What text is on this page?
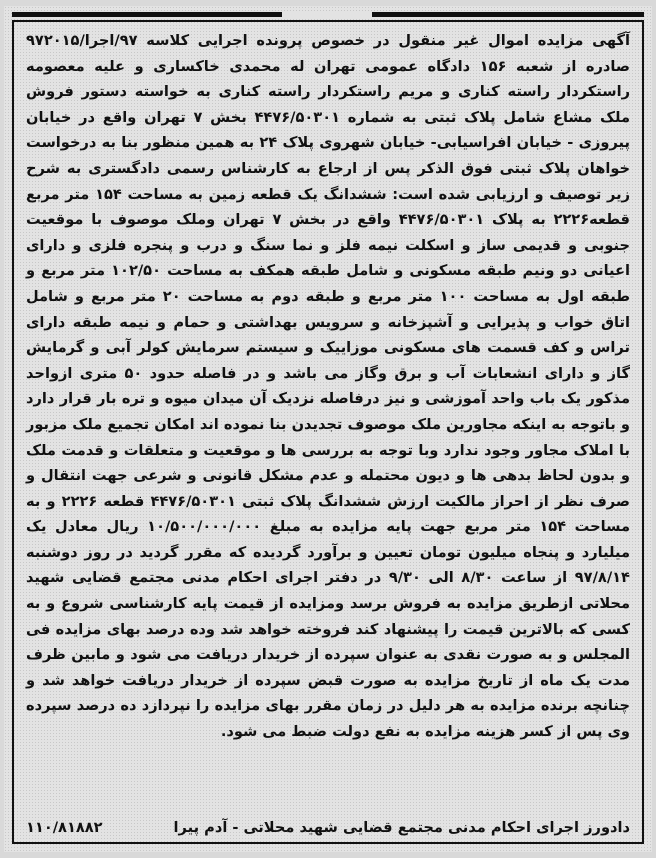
آگهی مزایده اموال غیر منقول در خصوص پرونده اجرایی کلاسه ۹۷/اجرا/۹۷۲۰۱۵ صادره از شعبه ۱۵۶ دادگاه عمومی تهران له محمدی خاکساری و علیه معصومه راستکردار راسته کناری و مریم راستکردار راسته کناری به خواسته دستور فروش ملک مشاع شامل پلاک ثبتی به شماره ۴۴۷۶/۵۰۳۰۱ بخش ۷ تهران واقع در خیابان پیروزی - خیابان افراسیابی- خیابان شهروی پلاک ۲۴ به همین منظور بنا به درخواست خواهان پلاک ثبتی فوق الذکر پس از ارجاع به کارشناس رسمی دادگستری به شرح زیر توصیف و ارزیابی شده است: ششدانگ یک قطعه زمین به مساحت ۱۵۴ متر مربع قطعه۲۲۲۶ به پلاک ۴۴۷۶/۵۰۳۰۱ واقع در بخش ۷ تهران وملک موصوف با موقعیت جنوبی و قدیمی ساز و اسکلت نیمه فلز و نما سنگ و درب و پنجره فلزی و دارای اعیانی دو ونیم طبقه مسکونی و شامل طبقه همکف به مساحت ۱۰۲/۵۰ متر مربع و طبقه اول به مساحت ۱۰۰ متر مربع و طبقه دوم به مساحت ۲۰ متر مربع و شامل اتاق خواب و پذیرایی و آشپزخانه و سرویس بهداشتی و حمام و نیمه طبقه دارای تراس و کف قسمت های مسکونی موزاییک و سیستم سرمایش کولر آبی و گرمایش گاز و دارای انشعابات آب و برق وگاز می باشد و در فاصله حدود ۵۰ متری ازواحد مذکور یک باب واحد آموزشی و نیز درفاصله نزدیک آن میدان میوه و تره بار قرار دارد و باتوجه به اینکه مجاورین ملک موصوف تجدیدن بنا نموده اند امکان تجمیع ملک مزبور با املاک مجاور وجود ندارد وبا توجه به بررسی ها و موقعیت و متعلقات و قدمت ملک و بدون لحاظ بدهی ها و دیون محتمله و عدم مشکل قانونی و شرعی جهت انتقال و صرف نظر از احراز مالکیت ارزش ششدانگ پلاک ثبتی ۴۴۷۶/۵۰۳۰۱ قطعه ۲۲۲۶ و به مساحت ۱۵۴ متر مربع جهت پایه مزایده به مبلغ ۱۰/۵۰۰/۰۰۰/۰۰۰ ریال معادل یک میلیارد و پنجاه میلیون تومان تعیین و برآورد گردیده که مقرر گردید در روز دوشنبه ۹۷/۸/۱۴ از ساعت ۸/۳۰ الی ۹/۳۰ در دفتر اجرای احکام مدنی مجتمع قضایی شهید محلاتی ازطریق مزایده به فروش برسد ومزایده از قیمت پایه کارشناسی شروع و به کسی که بالاترین قیمت را پیشنهاد کند فروخته خواهد شد وده درصد بهای مزایده فی المجلس و به صورت نقدی به عنوان سپرده از خریدار دریافت می شود و مابین ظرف مدت یک ماه از تاریخ مزایده به صورت قبض سپرده از خریدار دریافت خواهد شد و چنانچه برنده مزایده به هر دلیل در زمان مقرر بهای مزایده را نپردازد ده درصد سپرده وی پس از کسر هزینه مزایده به نفع دولت ضبط می شود.

دادورز اجرای احکام مدنی مجتمع قضایی شهید محلاتی - آدم پیرا
۱۱۰/۸۱۸۸۲
